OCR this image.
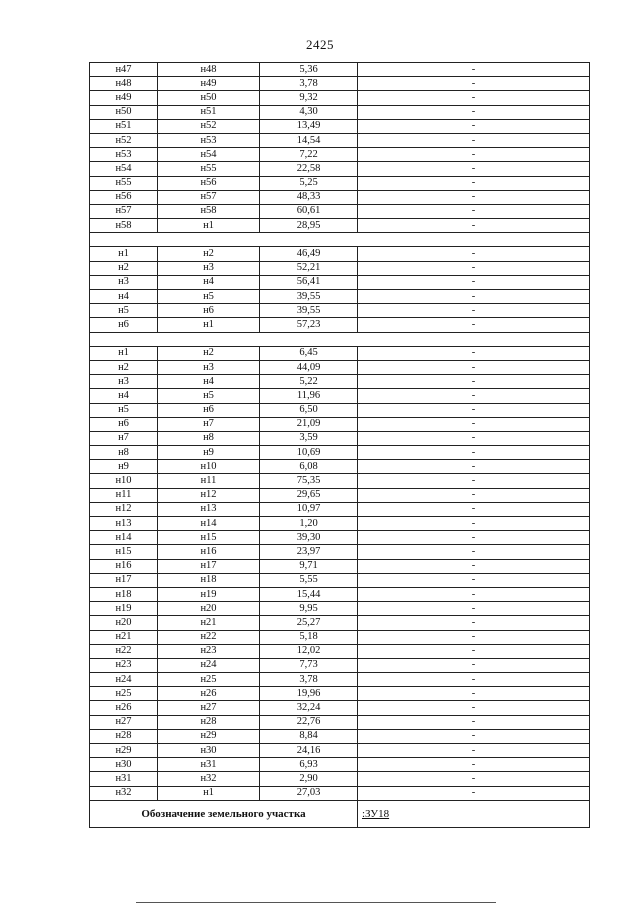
2425
н47	н48	5,36	-
н48	н49	3,78	-
н49	н50	9,32	-
н50	н51	4,30	-
н51	н52	13,49	-
н52	н53	14,54	-
н53	н54	7,22	-
н54	н55	22,58	-
н55	н56	5,25	-
н56	н57	48,33	-
н57	н58	60,61	-
н58	н1	28,95	-

н1	н2	46,49	-
н2	н3	52,21	-
н3	н4	56,41	-
н4	н5	39,55	-
н5	н6	39,55	-
н6	н1	57,23	-

н1	н2	6,45	-
н2	н3	44,09	-
н3	н4	5,22	-
н4	н5	11,96	-
н5	н6	6,50	-
н6	н7	21,09	-
н7	н8	3,59	-
н8	н9	10,69	-
н9	н10	6,08	-
н10	н11	75,35	-
н11	н12	29,65	-
н12	н13	10,97	-
н13	н14	1,20	-
н14	н15	39,30	-
н15	н16	23,97	-
н16	н17	9,71	-
н17	н18	5,55	-
н18	н19	15,44	-
н19	н20	9,95	-
н20	н21	25,27	-
н21	н22	5,18	-
н22	н23	12,02	-
н23	н24	7,73	-
н24	н25	3,78	-
н25	н26	19,96	-
н26	н27	32,24	-
н27	н28	22,76	-
н28	н29	8,84	-
н29	н30	24,16	-
н30	н31	6,93	-
н31	н32	2,90	-
н32	н1	27,03	-
Обозначение земельного участка			:ЗУ18
